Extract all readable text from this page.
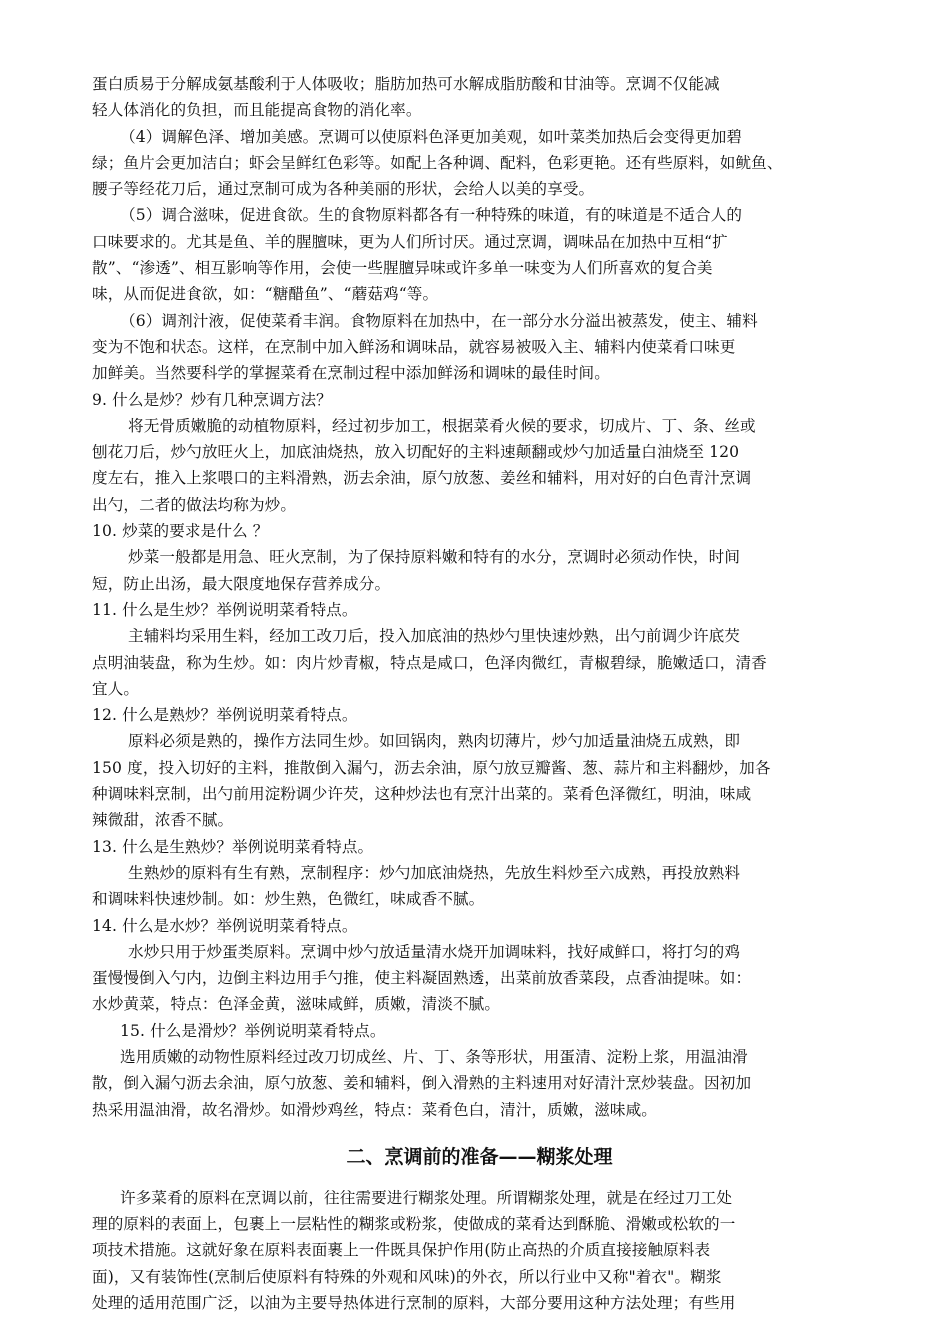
蛋白质易于分解成氨基酸利于人体吸收；脂肪加热可水解成脂肪酸和甘油等。烹调不仅能减
轻人体消化的负担，而且能提高食物的消化率。
（4）调解色泽、增加美感。烹调可以使原料色泽更加美观，如叶菜类加热后会变得更加碧
绿；鱼片会更加洁白；虾会呈鲜红色彩等。如配上各种调、配料，色彩更艳。还有些原料，如鱿鱼、
腰子等经花刀后，通过烹制可成为各种美丽的形状，会给人以美的享受。
（5）调合滋味，促进食欲。生的食物原料都各有一种特殊的味道，有的味道是不适合人的
口味要求的。尤其是鱼、羊的腥膻味，更为人们所讨厌。通过烹调，调味品在加热中互相“扩
散”、“渗透”、相互影响等作用，会使一些腥膻异味或许多单一味变为人们所喜欢的复合美
味，从而促进食欲，如：“糖醋鱼”、“蘑菇鸡“等。
（6）调剂汁液，促使菜肴丰润。食物原料在加热中，在一部分水分溢出被蒸发，使主、辅料
变为不饱和状态。这样，在烹制中加入鲜汤和调味品，就容易被吸入主、辅料内使菜肴口味更
加鲜美。当然要科学的掌握菜肴在烹制过程中添加鲜汤和调味的最佳时间。
9. 什么是炒？炒有几种烹调方法？
将无骨质嫩脆的动植物原料，经过初步加工，根据菜肴火候的要求，切成片、丁、条、丝或
刨花刀后，炒勺放旺火上，加底油烧热，放入切配好的主料速颠翻或炒勺加适量白油烧至 120
度左右，推入上浆喂口的主料滑熟，沥去余油，原勺放葱、姜丝和辅料，用对好的白色青汁烹调
出勺，二者的做法均称为炒。
10. 炒菜的要求是什么 ？
炒菜一般都是用急、旺火烹制，为了保持原料嫩和特有的水分，烹调时必须动作快，时间
短，防止出汤，最大限度地保存营养成分。
11. 什么是生炒？举例说明菜肴特点。
主辅料均采用生料，经加工改刀后，投入加底油的热炒勺里快速炒熟，出勺前调少许底芡
点明油装盘，称为生炒。如：肉片炒青椒，特点是咸口，色泽肉微红，青椒碧绿，脆嫩适口，清香
宜人。
12. 什么是熟炒？举例说明菜肴特点。
原料必须是熟的，操作方法同生炒。如回锅肉，熟肉切薄片，炒勺加适量油烧五成熟，即
150 度，投入切好的主料，推散倒入漏勺，沥去余油，原勺放豆瓣酱、葱、蒜片和主料翻炒，加各
种调味料烹制，出勺前用淀粉调少许芡，这种炒法也有烹汁出菜的。菜肴色泽微红，明油，味咸
辣微甜，浓香不腻。
13. 什么是生熟炒？举例说明菜肴特点。
生熟炒的原料有生有熟，烹制程序：炒勺加底油烧热，先放生料炒至六成熟，再投放熟料
和调味料快速炒制。如：炒生熟，色微红，味咸香不腻。
14. 什么是水炒？举例说明菜肴特点。
水炒只用于炒蛋类原料。烹调中炒勺放适量清水烧开加调味料，找好咸鲜口，将打匀的鸡
蛋慢慢倒入勺内，边倒主料边用手勺推，使主料凝固熟透，出菜前放香菜段，点香油提味。如：
水炒黄菜，特点：色泽金黄，滋味咸鲜，质嫩，清淡不腻。
15. 什么是滑炒？举例说明菜肴特点。
选用质嫩的动物性原料经过改刀切成丝、片、丁、条等形状，用蛋清、淀粉上浆，用温油滑
散，倒入漏勺沥去余油，原勺放葱、姜和辅料，倒入滑熟的主料速用对好清汁烹炒装盘。因初加
热采用温油滑，故名滑炒。如滑炒鸡丝，特点：菜肴色白，清汁，质嫩，滋味咸。
二、烹调前的准备——糊浆处理
许多菜肴的原料在烹调以前，往往需要进行糊浆处理。所谓糊浆处理，就是在经过刀工处
理的原料的表面上，包裹上一层粘性的糊浆或粉浆，使做成的菜肴达到酥脆、滑嫩或松软的一
项技术措施。这就好象在原料表面裹上一件既具保护作用(防止高热的介质直接接触原料表
面)，又有装饰性(烹制后使原料有特殊的外观和风味)的外衣，所以行业中又称"着衣"。糊浆
处理的适用范围广泛，以油为主要导热体进行烹制的原料，大部分要用这种方法处理；有些用
